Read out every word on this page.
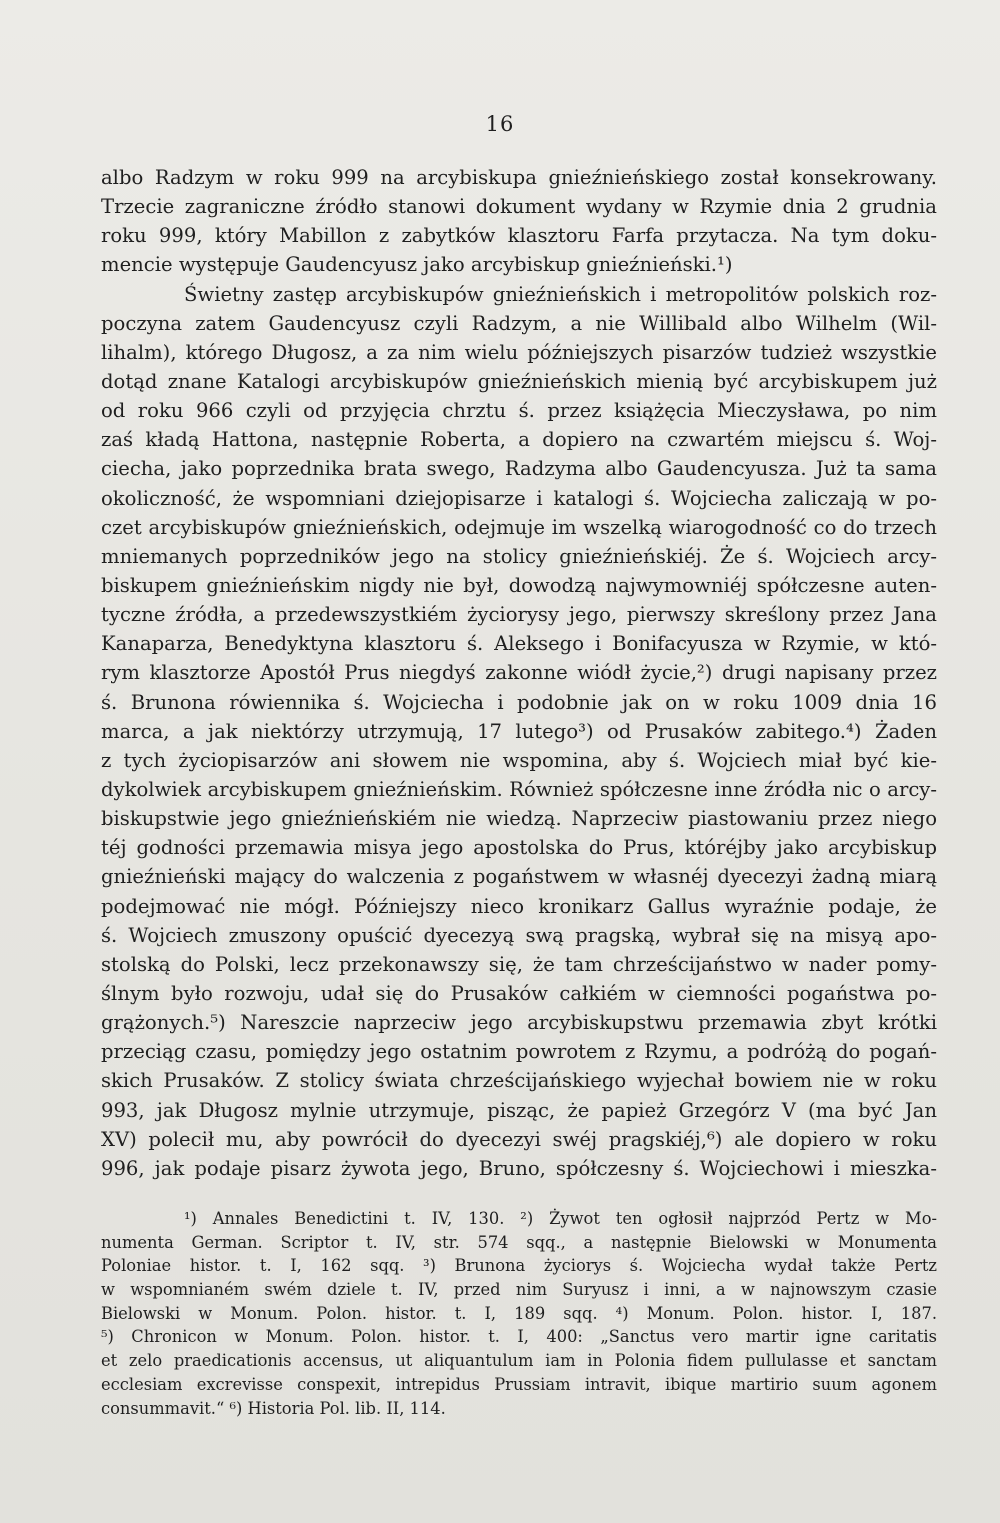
16
albo Radzym w roku 999 na arcybiskupa gnieźnieńskiego został konsekrowany.
Trzecie zagraniczne źródło stanowi dokument wydany w Rzymie dnia 2 grudnia
roku 999, który Mabillon z zabytków klasztoru Farfa przytacza. Na tym doku-
mencie występuje Gaudencyusz jako arcybiskup gnieźnieński.¹)
Świetny zastęp arcybiskupów gnieźnieńskich i metropolitów polskich roz-
poczyna zatem Gaudencyusz czyli Radzym, a nie Willibald albo Wilhelm (Wil-
lihalm), którego Długosz, a za nim wielu późniejszych pisarzów tudzież wszystkie
dotąd znane Katalogi arcybiskupów gnieźnieńskich mienią być arcybiskupem już
od roku 966 czyli od przyjęcia chrztu ś. przez książęcia Mieczysława, po nim
zaś kładą Hattona, następnie Roberta, a dopiero na czwartém miejscu ś. Woj-
ciecha, jako poprzednika brata swego, Radzyma albo Gaudencyusza. Już ta sama
okoliczność, że wspomniani dziejopisarze i katalogi ś. Wojciecha zaliczają w po-
czet arcybiskupów gnieźnieńskich, odejmuje im wszelką wiarogodność co do trzech
mniemanych poprzedników jego na stolicy gnieźnieńskiéj. Że ś. Wojciech arcy-
biskupem gnieźnieńskim nigdy nie był, dowodzą najwymowniéj spółczesne auten-
tyczne źródła, a przedewszystkiém życiorysy jego, pierwszy skreślony przez Jana
Kanaparza, Benedyktyna klasztoru ś. Aleksego i Bonifacyusza w Rzymie, w któ-
rym klasztorze Apostół Prus niegdyś zakonne wiódł życie,²) drugi napisany przez
ś. Brunona rówiennika ś. Wojciecha i podobnie jak on w roku 1009 dnia 16
marca, a jak niektórzy utrzymują, 17 lutego³) od Prusaków zabitego.⁴) Żaden
z tych życiopisarzów ani słowem nie wspomina, aby ś. Wojciech miał być kie-
dykolwiek arcybiskupem gnieźnieńskim. Również spółczesne inne źródła nic o arcy-
biskupstwie jego gnieźnieńskiém nie wiedzą. Naprzeciw piastowaniu przez niego
téj godności przemawia misya jego apostolska do Prus, któréjby jako arcybiskup
gnieźnieński mający do walczenia z pogaństwem w własnéj dyecezyi żadną miarą
podejmować nie mógł. Późniejszy nieco kronikarz Gallus wyraźnie podaje, że
ś. Wojciech zmuszony opuścić dyecezyą swą pragską, wybrał się na misyą apo-
stolską do Polski, lecz przekonawszy się, że tam chrześcijaństwo w nader pomy-
ślnym było rozwoju, udał się do Prusaków całkiém w ciemności pogaństwa po-
grążonych.⁵) Nareszcie naprzeciw jego arcybiskupstwu przemawia zbyt krótki
przeciąg czasu, pomiędzy jego ostatnim powrotem z Rzymu, a podróżą do pogań-
skich Prusaków. Z stolicy świata chrześcijańskiego wyjechał bowiem nie w roku
993, jak Długosz mylnie utrzymuje, pisząc, że papież Grzegórz V (ma być Jan
XV) polecił mu, aby powrócił do dyecezyi swéj pragskiéj,⁶) ale dopiero w roku
996, jak podaje pisarz żywota jego, Bruno, spółczesny ś. Wojciechowi i mieszka-
¹) Annales Benedictini t. IV, 130. ²) Żywot ten ogłosił najprzód Pertz w Mo-
numenta German. Scriptor t. IV, str. 574 sqq., a następnie Bielowski w Monumenta
Poloniae histor. t. I, 162 sqq. ³) Brunona życiorys ś. Wojciecha wydał także Pertz
w wspomnianém swém dziele t. IV, przed nim Suryusz i inni, a w najnowszym czasie
Bielowski w Monum. Polon. histor. t. I, 189 sqq. ⁴) Monum. Polon. histor. I, 187.
⁵) Chronicon w Monum. Polon. histor. t. I, 400: „Sanctus vero martir igne caritatis
et zelo praedicationis accensus, ut aliquantulum iam in Polonia fidem pullulasse et sanctam
ecclesiam excrevisse conspexit, intrepidus Prussiam intravit, ibique martirio suum agonem
consummavit.“ ⁶) Historia Pol. lib. II, 114.
